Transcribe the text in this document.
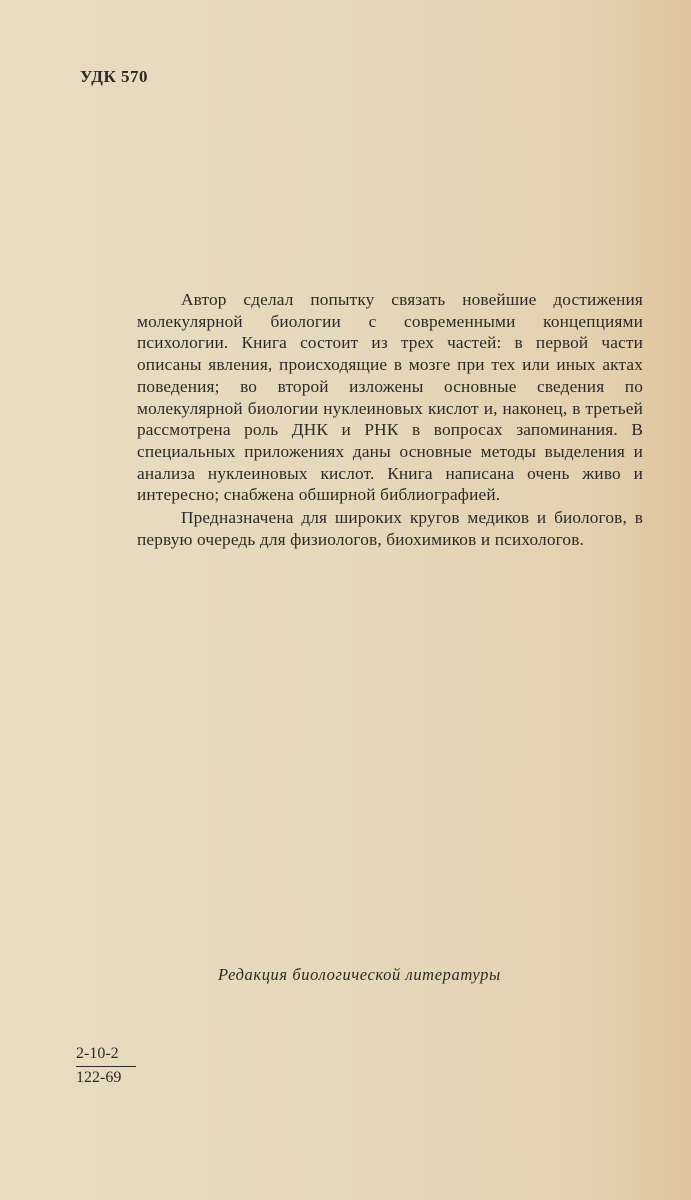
УДК 570

Автор сделал попытку связать новейшие достижения молекулярной биологии с современными концепциями психологии. Книга состоит из трех частей: в первой части описаны явления, происходящие в мозге при тех или иных актах поведения; во второй изложены основные сведения по молекулярной биологии нуклеиновых кислот и, наконец, в третьей рассмотрена роль ДНК и РНК в вопросах запоминания. В специальных приложениях даны основные методы выделения и анализа нуклеиновых кислот. Книга написана очень живо и интересно; снабжена обширной библиографией.

Предназначена для широких кругов медиков и биологов, в первую очередь для физиологов, биохимиков и психологов.

Редакция биологической литературы
2-10-2
122-69
